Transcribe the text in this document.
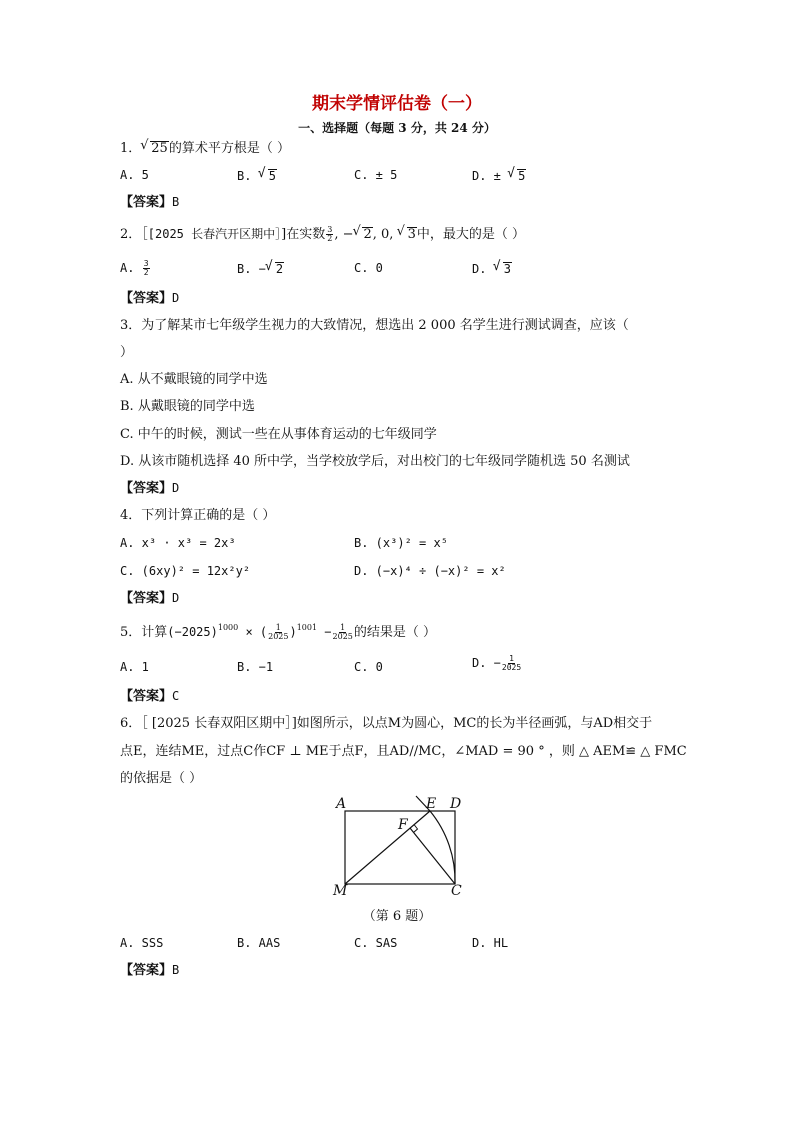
期末学情评估卷（一）
一、选择题（每题 3 分，共 24 分）
1． √ 25的算术平方根是（ ）
A. 5	B. √ 5	C. ± 5	D. ± √ 5
【答案】B
2．［[2025 长春汽开区期中］]在实数 $\frac{3}{2}$ , − √ 2, 0, √ 3中，最大的是（ ）
A. $\frac{3}{2}$	B. − √ 2	C. 0	D. √ 3
【答案】D
3．为了解某市七年级学生视力的大致情况，想选出 2 000 名学生进行测试调查，应该（
）
A. 从不戴眼镜的同学中选
B. 从戴眼镜的同学中选
C. 中午的时候，测试一些在从事体育运动的七年级同学
D. 从该市随机选择 40 所中学，当学校放学后，对出校门的七年级同学随机选 50 名测试
【答案】D
4．下列计算正确的是（ ）
A. x³ · x³ = 2x³	B. (x³)² = x⁵
C. (6xy)² = 12x²y²	D. (−x)⁴ ÷ (−x)² = x²
【答案】D
5．计算$(-2025)^{1000}$ × ( $\frac{1}{2025} )^{1001} - \frac{1}{2025}$ 的结果是（ ）
A. 1	B. −1	C. 0	D. − $\frac{1}{2025}$
【答案】C
6．［ [2025 长春双阳区期中］]如图所示，以点M为圆心，MC的长为半径画弧，与AD相交于
点E，连结ME，过点C作CF ⊥ ME于点F，且AD//MC，∠MAD = 90 ° ，则 △ AEM≌ △ FMC
的依据是（ ）
A	E D
F
M	C
（第 6 题）
A. SSS	B. AAS	C. SAS	D. HL
【答案】B
